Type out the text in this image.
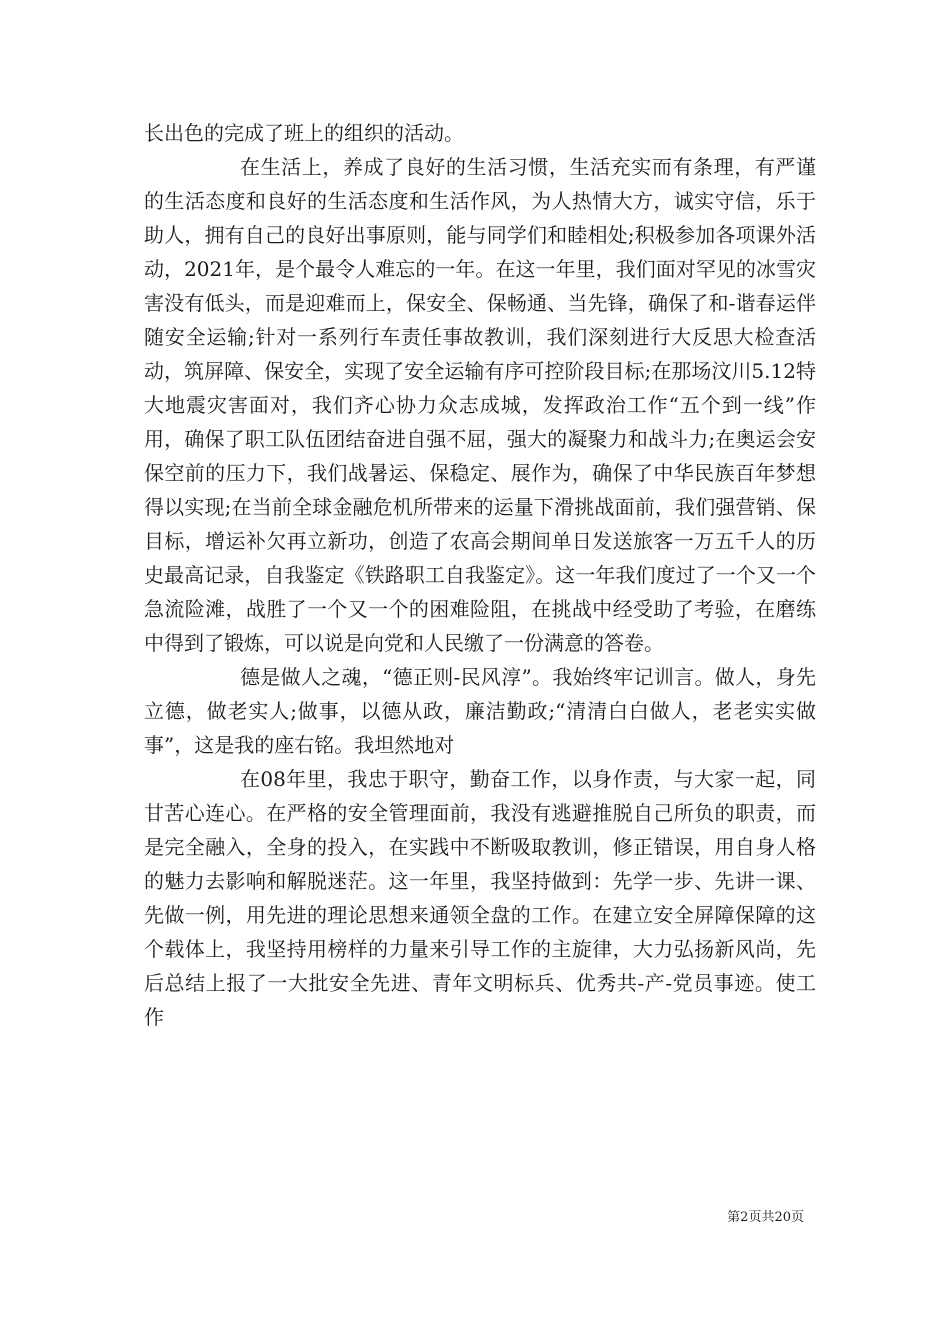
长出色的完成了班上的组织的活动。

在生活上，养成了良好的生活习惯，生活充实而有条理，有严谨的生活态度和良好的生活态度和生活作风，为人热情大方，诚实守信，乐于助人，拥有自己的良好出事原则，能与同学们和睦相处;积极参加各项课外活动，2021年，是个最令人难忘的一年。在这一年里，我们面对罕见的冰雪灾害没有低头，而是迎难而上，保安全、保畅通、当先锋，确保了和-谐春运伴随安全运输;针对一系列行车责任事故教训，我们深刻进行大反思大检查活动，筑屏障、保安全，实现了安全运输有序可控阶段目标;在那场汶川5.12特大地震灾害面对，我们齐心协力众志成城，发挥政治工作“五个到一线”作用，确保了职工队伍团结奋进自强不屈，强大的凝聚力和战斗力;在奥运会安保空前的压力下，我们战暑运、保稳定、展作为，确保了中华民族百年梦想得以实现;在当前全球金融危机所带来的运量下滑挑战面前，我们强营销、保目标，增运补欠再立新功，创造了农高会期间单日发送旅客一万五千人的历史最高记录，自我鉴定《铁路职工自我鉴定》。这一年我们度过了一个又一个急流险滩，战胜了一个又一个的困难险阻，在挑战中经受助了考验，在磨练中得到了锻炼，可以说是向党和人民缴了一份满意的答卷。

德是做人之魂，“德正则-民风淳”。我始终牢记训言。做人，身先立德，做老实人;做事，以德从政，廉洁勤政;“清清白白做人，老老实实做事”，这是我的座右铭。我坦然地对

在08年里，我忠于职守，勤奋工作，以身作责，与大家一起，同甘苦心连心。在严格的安全管理面前，我没有逃避推脱自己所负的职责，而是完全融入，全身的投入，在实践中不断吸取教训，修正错误，用自身人格的魅力去影响和解脱迷茫。这一年里，我坚持做到：先学一步、先讲一课、先做一例，用先进的理论思想来通领全盘的工作。在建立安全屏障保障的这个载体上，我坚持用榜样的力量来引导工作的主旋律，大力弘扬新风尚，先后总结上报了一大批安全先进、青年文明标兵、优秀共-产-党员事迹。使工作

第2页共20页
